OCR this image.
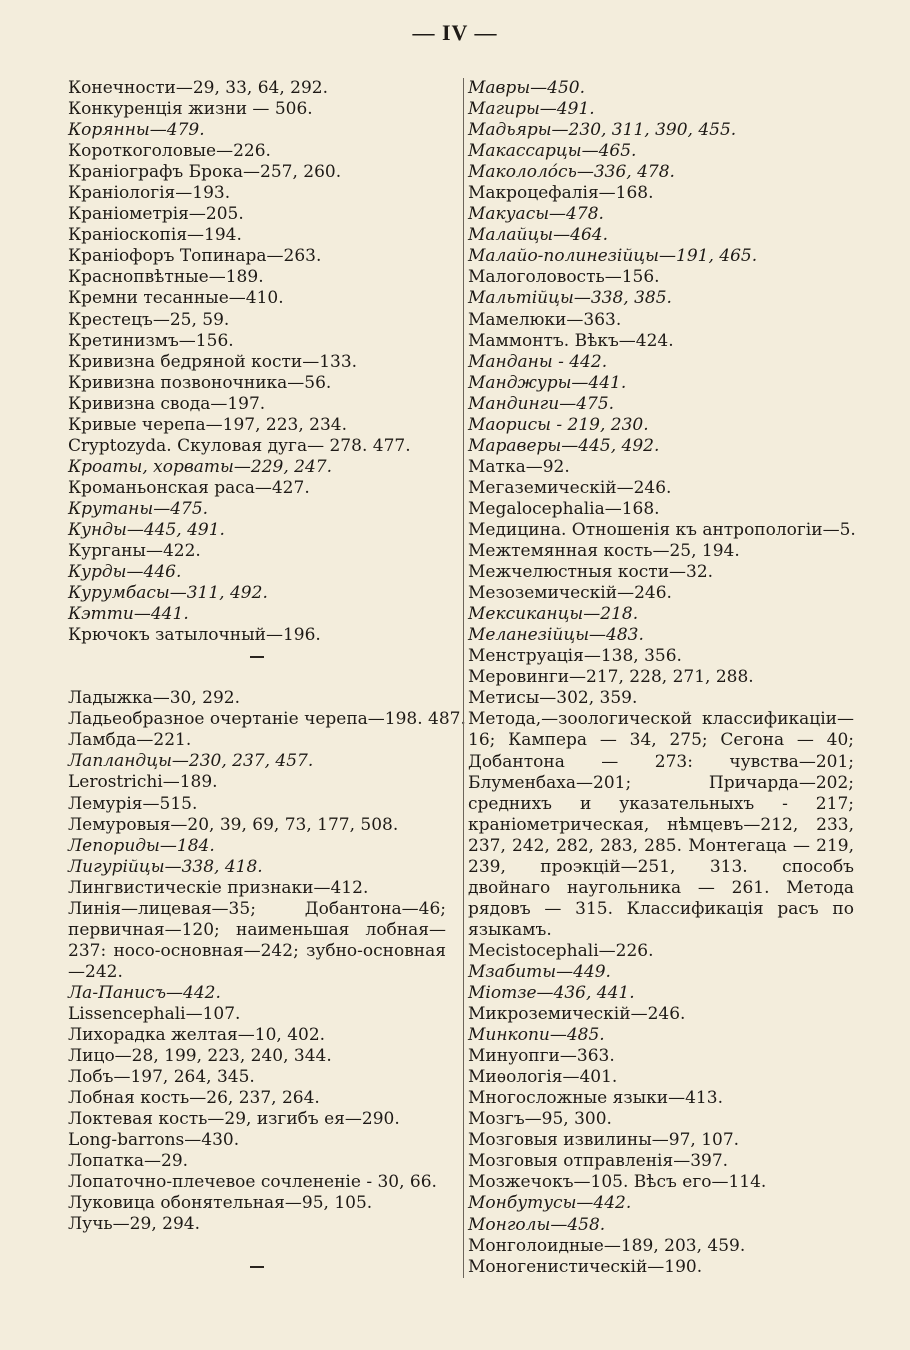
— IV —
Конечности—29, 33, 64, 292.
Конкуренція жизни — 506.
Корянны—479.
Короткоголовые—226.
Краніографъ Брока—257, 260.
Краніологія—193.
Краніометрія—205.
Краніоскопія—194.
Краніофоръ Топинара—263.
Краснопвѣтные—189.
Кремни тесанные—410.
Крестецъ—25, 59.
Кретинизмъ—156.
Кривизна бедряной кости—133.
Кривизна позвоночника—56.
Кривизна свода—197.
Кривые черепа—197, 223, 234.
Cryptozyda. Скуловая дуга— 278. 477.
Кроаты, хорваты—229, 247.
Кроманьонская раса—427.
Крутаны—475.
Кунды—445, 491.
Курганы—422.
Курды—446.
Курумбасы—311, 492.
Кэтти—441.
Крючокъ затылочный—196.
Ладыжка—30, 292.
Ладьеобразное очертаніе черепа—198. 487.
Ламбда—221.
Лапландцы—230, 237, 457.
Lerostrichi—189.
Лемурія—515.
Лемуровыя—20, 39, 69, 73, 177, 508.
Лепориды—184.
Лигурійцы—338, 418.
Лингвистическіе признаки—412.
Линія—лицевая—35; Добантона—46; первичная—120; наименьшая лобная—237: носо-основная—242; зубно-основная—242.
Ла-Панисъ—442.
Lissencephali—107.
Лихорадка желтая—10, 402.
Лицо—28, 199, 223, 240, 344.
Лобъ—197, 264, 345.
Лобная кость—26, 237, 264.
Локтевая кость—29, изгибъ ея—290.
Long-barrons—430.
Лопатка—29.
Лопаточно-плечевое сочлененіе - 30, 66.
Луковица обонятельная—95, 105.
Лучь—29, 294.
Мавры—450.
Магиры—491.
Мадьяры—230, 311, 390, 455.
Макассарцы—465.
Макололо́сь—336, 478.
Макроцефалія—168.
Макуасы—478.
Малайцы—464.
Малайо-полинезійцы—191, 465.
Малоголовость—156.
Мальтійцы—338, 385.
Мамелюки—363.
Маммонтъ. Вѣкъ—424.
Манданы - 442.
Манджуры—441.
Мандинги—475.
Маорисы - 219, 230.
Мараверы—445, 492.
Матка—92.
Мегаземическій—246.
Megalocephalia—168.
Медицина. Отношенія къ антропологіи—5.
Межтемянная кость—25, 194.
Межчелюстныя кости—32.
Мезоземическій—246.
Мексиканцы—218.
Меланезійцы—483.
Менструація—138, 356.
Меровинги—217, 228, 271, 288.
Метисы—302, 359.
Метода,—зоологической классификаціи—16; Кампера — 34, 275; Сегона — 40; Добантона — 273: чувства—201; Блуменбаха—201; Причарда—202; среднихъ и указательныхъ - 217; краніометрическая, нѣмцевъ—212, 233, 237, 242, 282, 283, 285. Монтегаца — 219, 239, проэкцій—251, 313. способъ двойнаго наугольника — 261. Метода рядовъ — 315. Классификація расъ по языкамъ.
Mecistocephali—226.
Мзабиты—449.
Міотзе—436, 441.
Микроземическій—246.
Минкопи—485.
Минуопги—363.
Миѳологія—401.
Многосложные языки—413.
Мозгъ—95, 300.
Мозговыя извилины—97, 107.
Мозговыя отправленія—397.
Мозжечокъ—105. Вѣсъ его—114.
Монбутусы—442.
Монголы—458.
Монголоидные—189, 203, 459.
Моногенистическій—190.
